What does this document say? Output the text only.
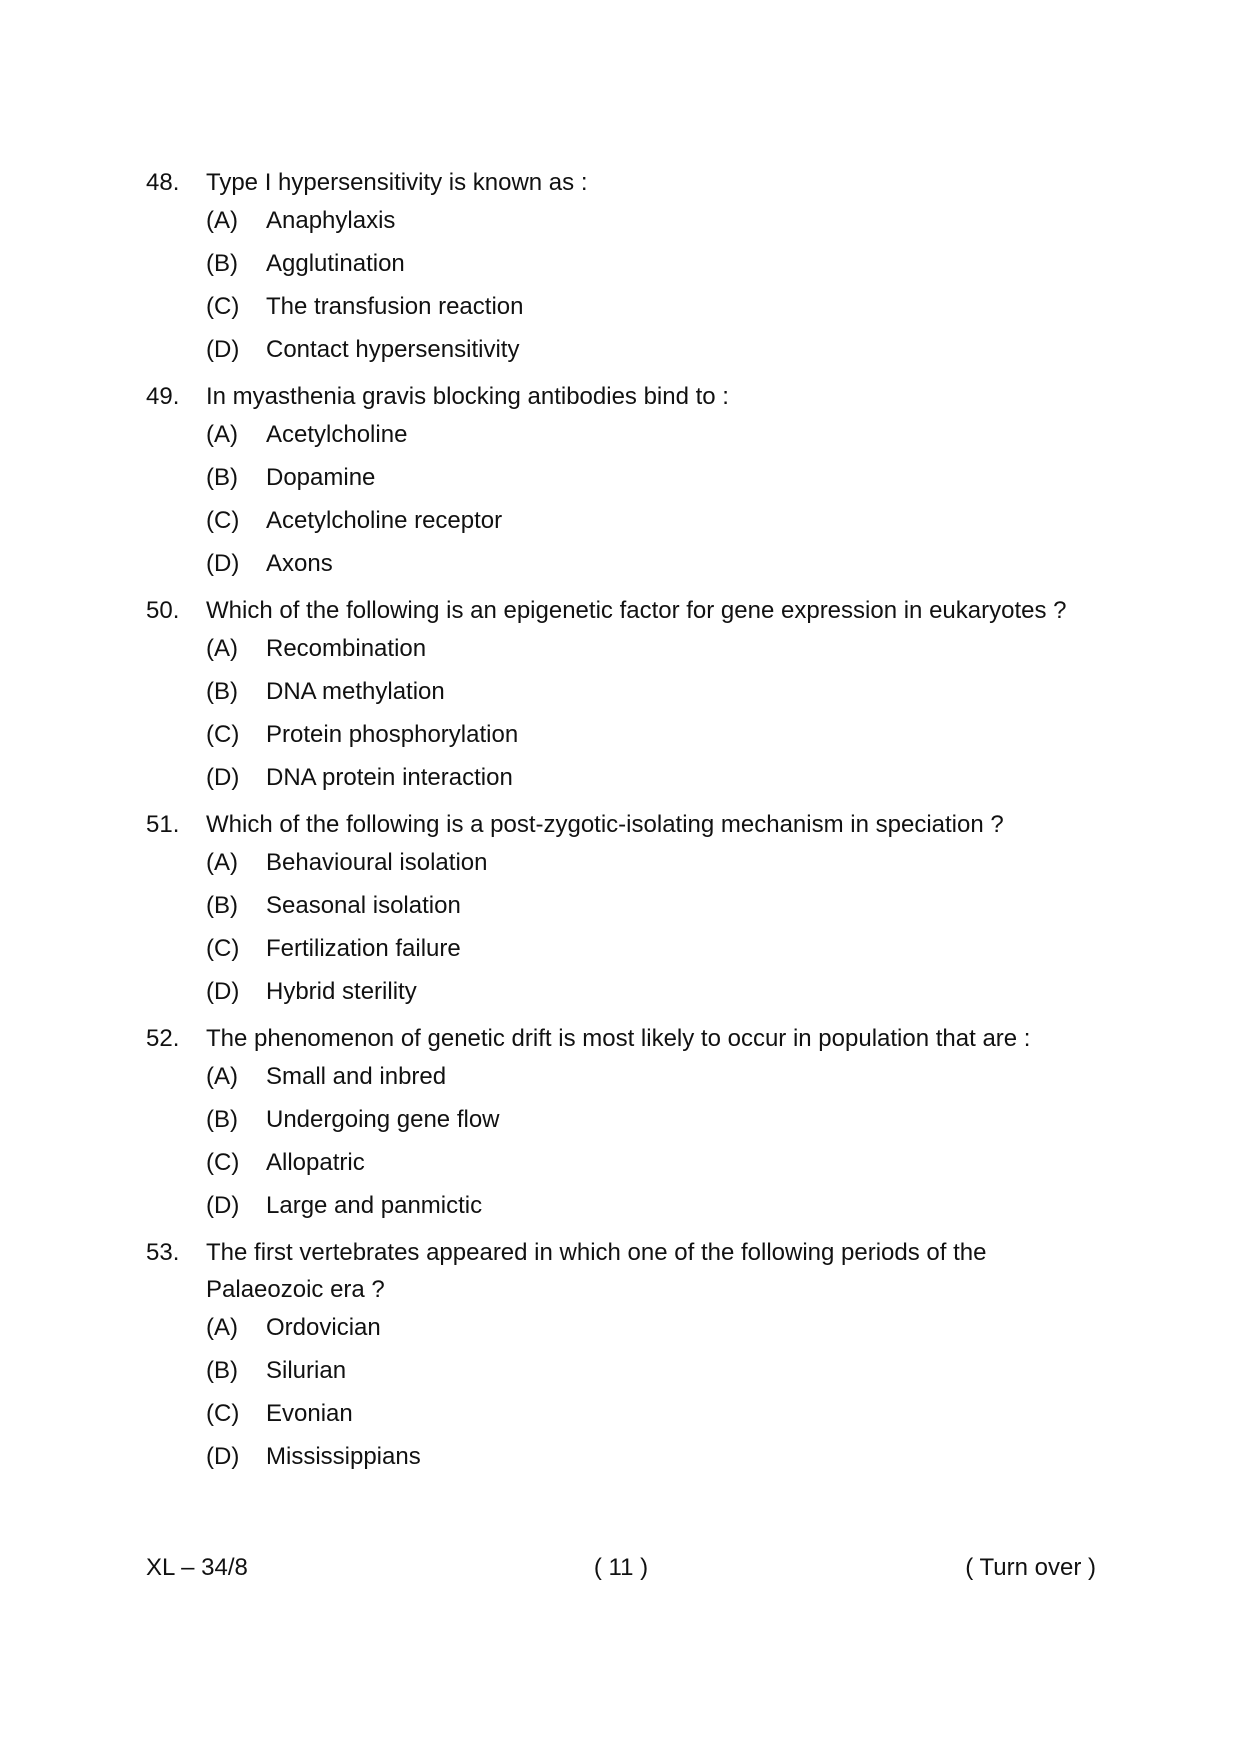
48.	Type I hypersensitivity is known as :
(A)	Anaphylaxis
(B)	Agglutination
(C)	The transfusion reaction
(D)	Contact hypersensitivity
49.	In myasthenia gravis blocking antibodies bind to :
(A)	Acetylcholine
(B)	Dopamine
(C)	Acetylcholine receptor
(D)	Axons
50.	Which of the following is an epigenetic factor for gene expression in eukaryotes ?
(A)	Recombination
(B)	DNA methylation
(C)	Protein phosphorylation
(D)	DNA protein interaction
51.	Which of the following is a post-zygotic-isolating mechanism in speciation ?
(A)	Behavioural isolation
(B)	Seasonal isolation
(C)	Fertilization failure
(D)	Hybrid sterility
52.	The phenomenon of genetic drift is most likely to occur in population that are :
(A)	Small and inbred
(B)	Undergoing gene flow
(C)	Allopatric
(D)	Large and panmictic
53.	The first vertebrates appeared in which one of the following periods of the Palaeozoic era ?
(A)	Ordovician
(B)	Silurian
(C)	Evonian
(D)	Mississippians
XL – 34/8	( 11 )	( Turn over )
